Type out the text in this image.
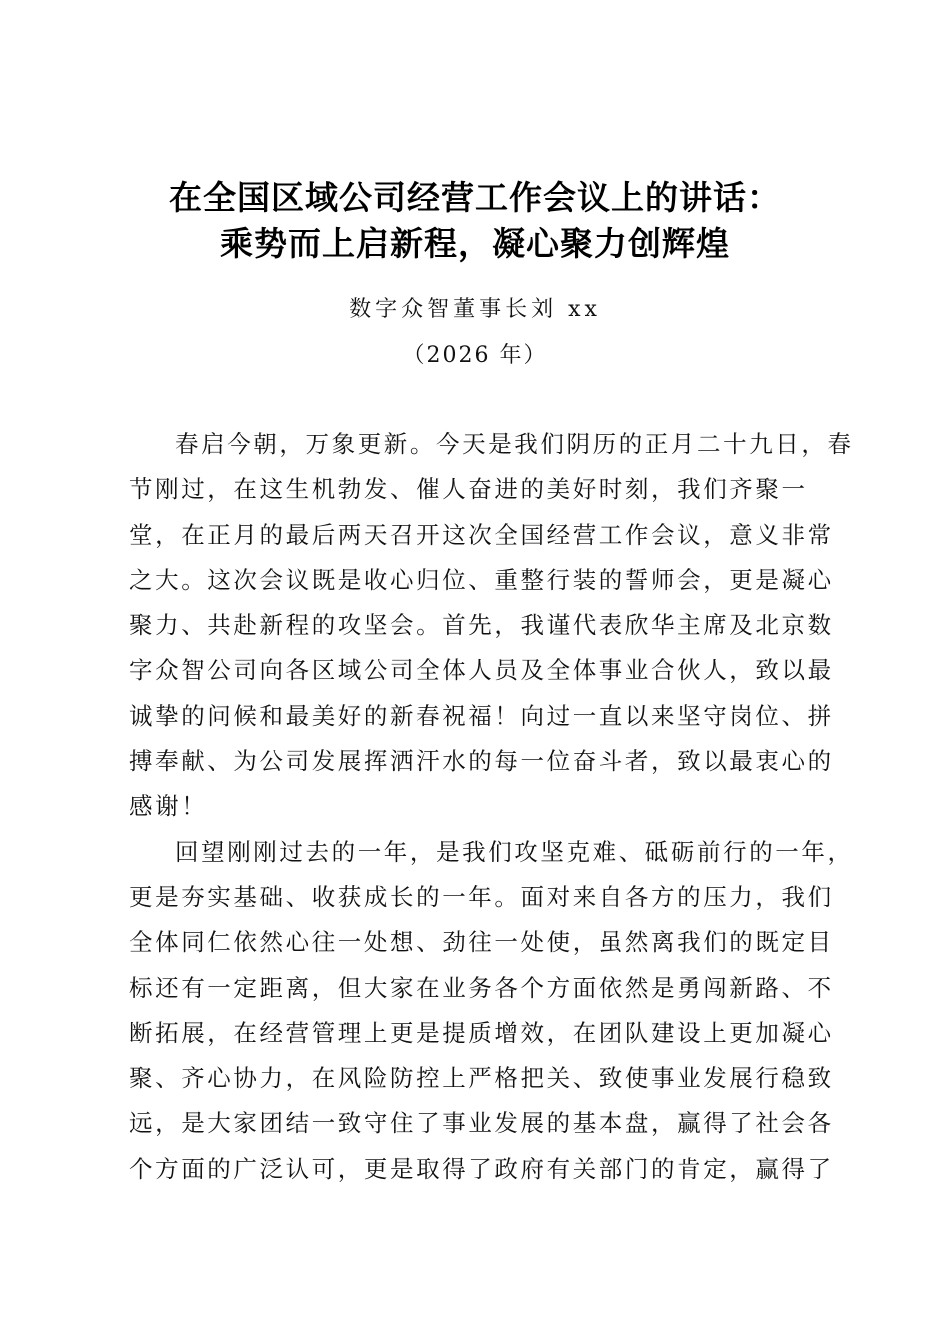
在全国区域公司经营工作会议上的讲话：
乘势而上启新程，凝心聚力创辉煌
数字众智董事长刘 xx
（2026 年）
春启今朝，万象更新。今天是我们阴历的正月二十九日，春
节刚过，在这生机勃发、催人奋进的美好时刻，我们齐聚一
堂，在正月的最后两天召开这次全国经营工作会议，意义非常
之大。这次会议既是收心归位、重整行装的誓师会，更是凝心
聚力、共赴新程的攻坚会。首先，我谨代表欣华主席及北京数
字众智公司向各区域公司全体人员及全体事业合伙人，致以最
诚挚的问候和最美好的新春祝福！向过一直以来坚守岗位、拼
搏奉献、为公司发展挥洒汗水的每一位奋斗者，致以最衷心的
感谢！
回望刚刚过去的一年，是我们攻坚克难、砥砺前行的一年，
更是夯实基础、收获成长的一年。面对来自各方的压力，我们
全体同仁依然心往一处想、劲往一处使，虽然离我们的既定目
标还有一定距离，但大家在业务各个方面依然是勇闯新路、不
断拓展，在经营管理上更是提质增效，在团队建设上更加凝心
聚、齐心协力，在风险防控上严格把关、致使事业发展行稳致
远，是大家团结一致守住了事业发展的基本盘，赢得了社会各
个方面的广泛认可，更是取得了政府有关部门的肯定，赢得了
